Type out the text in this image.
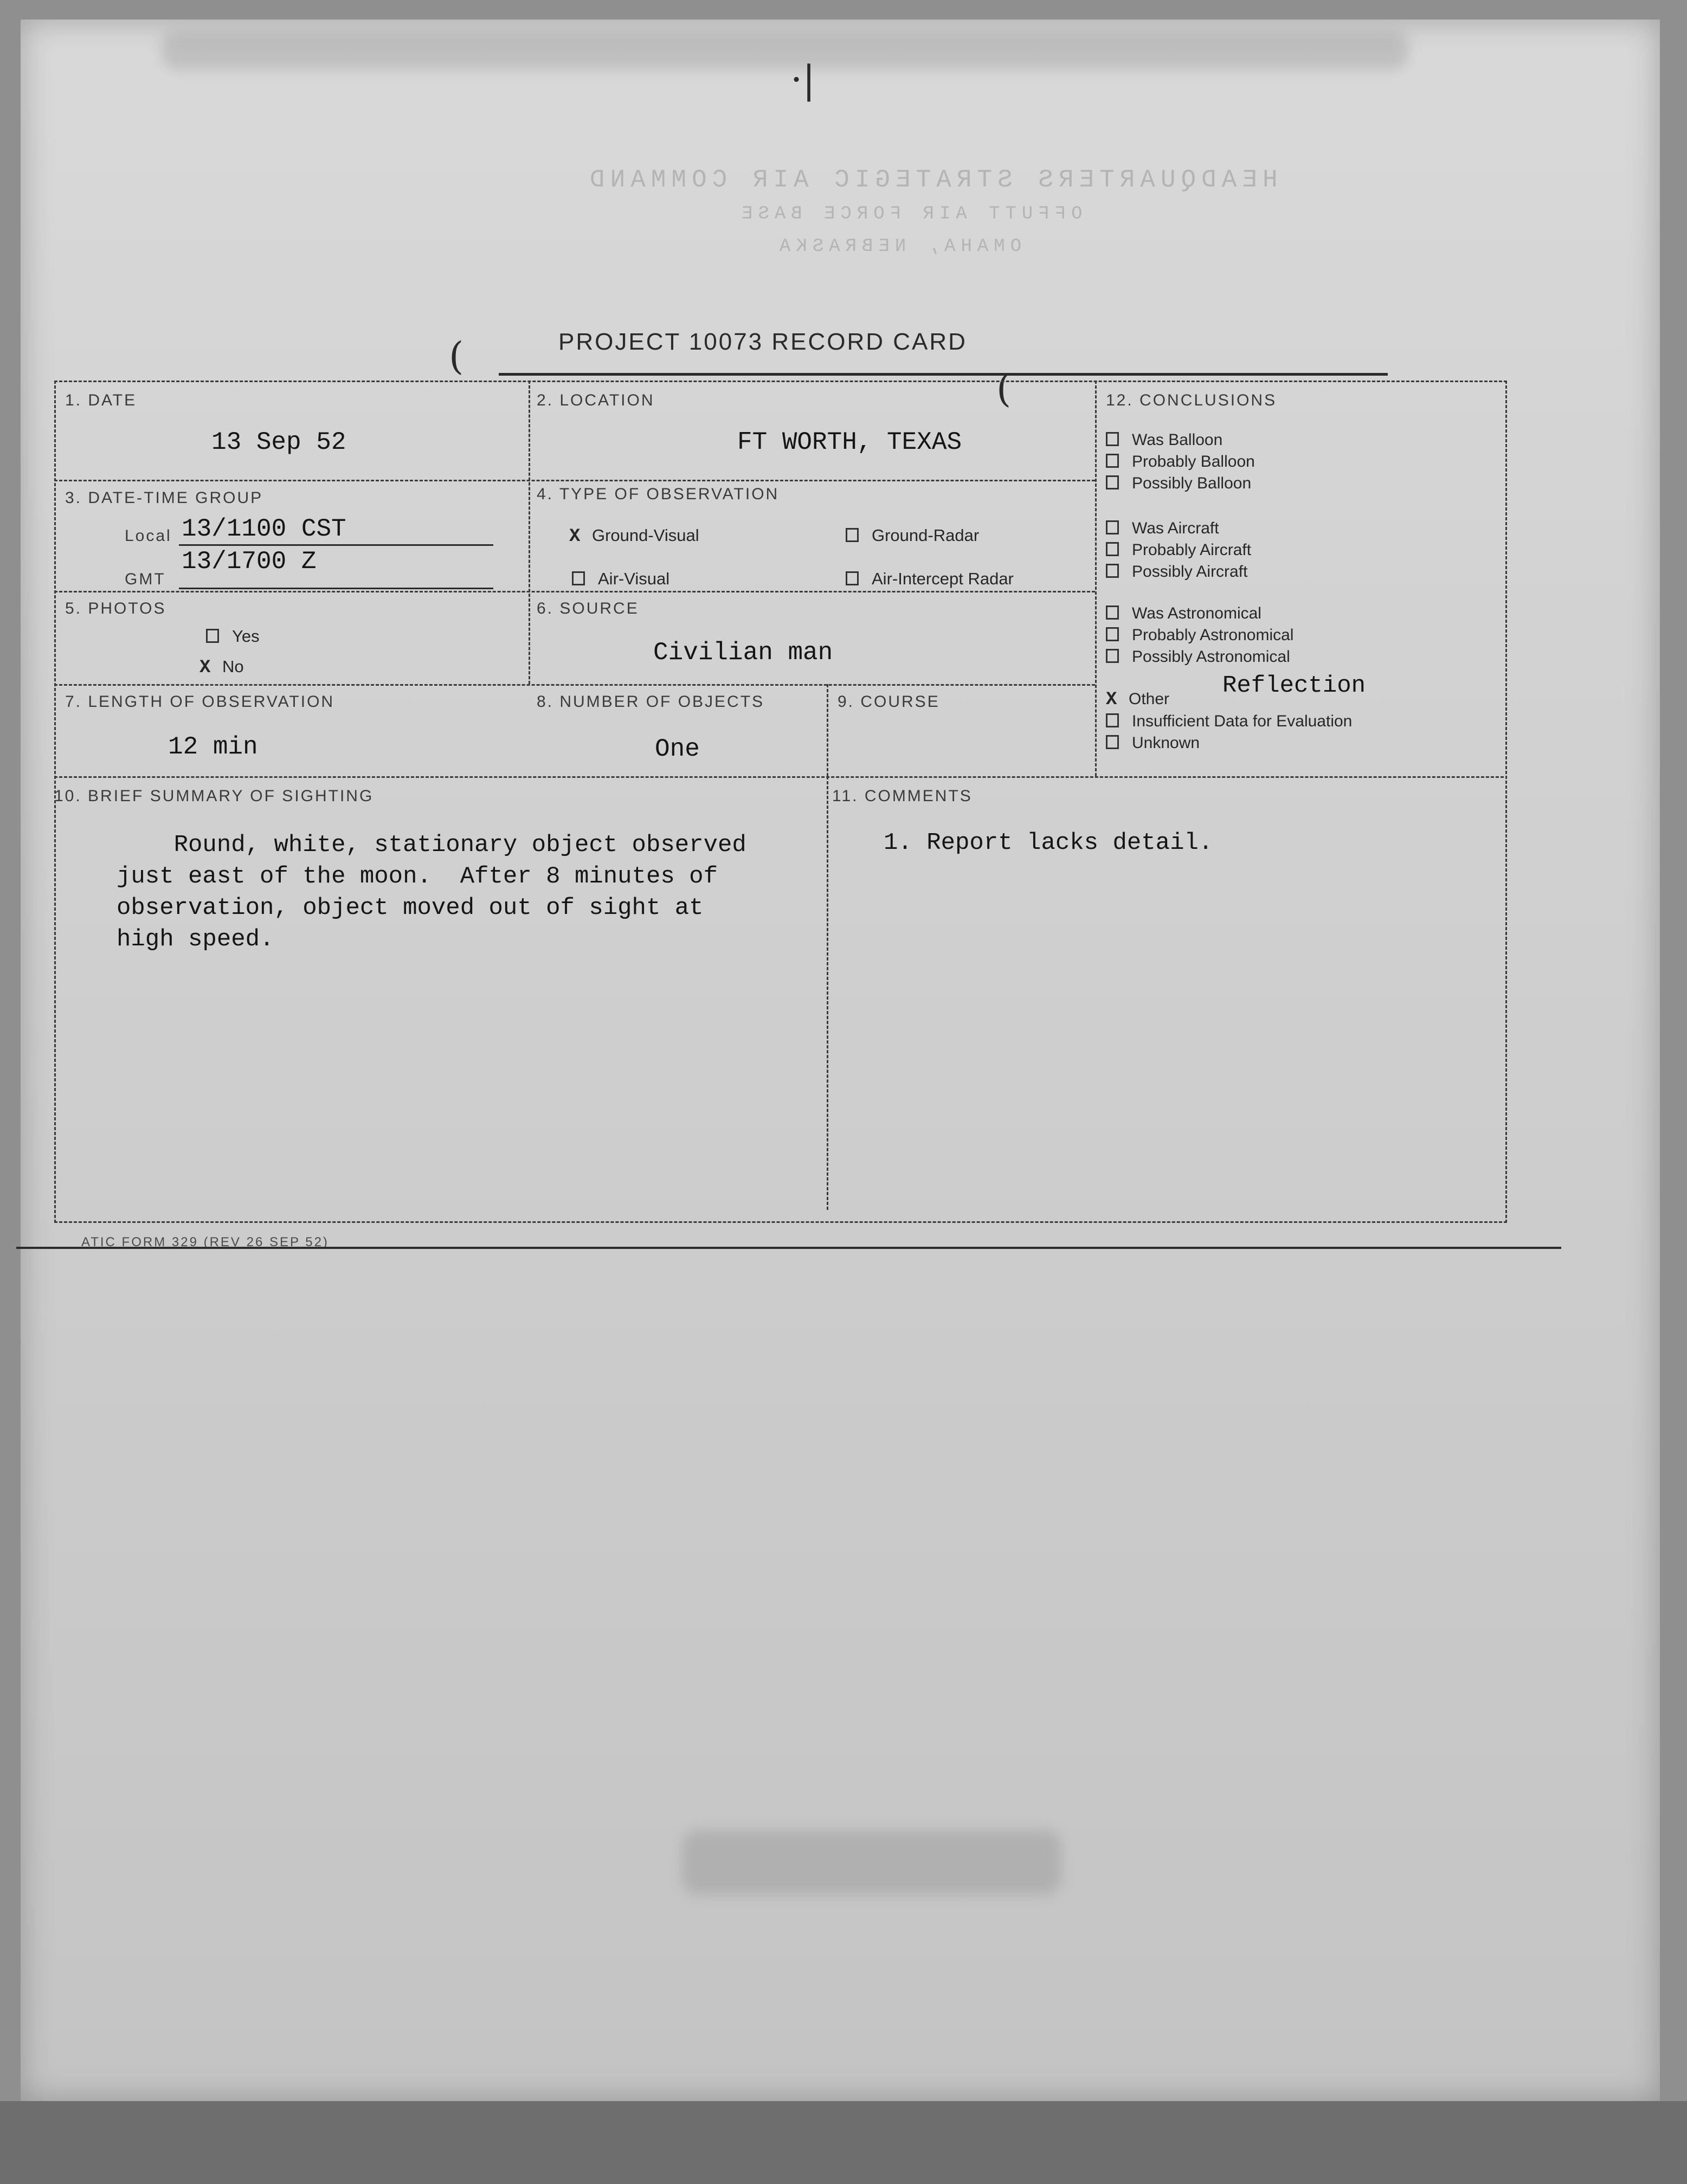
·|
HEADQUARTERS STRATEGIC AIR COMMAND
OFFUTT AIR FORCE BASE
OMAHA, NEBRASKA
(
(
PROJECT 10073 RECORD CARD
1. DATE
13 Sep 52
2. LOCATION
FT WORTH, TEXAS
3. DATE-TIME GROUP
Local 13/1100 CST
GMT
13/1700 Z
4. TYPE OF OBSERVATION
X Ground-Visual	Ground-Radar
Air-Visual	Air-Intercept Radar
5. PHOTOS
Yes
X No
6. SOURCE
Civilian man
7. LENGTH OF OBSERVATION
12 min
8. NUMBER OF OBJECTS
One
9. COURSE
10. BRIEF SUMMARY OF SIGHTING
Round, white, stationary object observed
just east of the moon.  After 8 minutes of
observation, object moved out of sight at
high speed.
11. COMMENTS
1. Report lacks detail.
12. CONCLUSIONS
Was Balloon
Probably Balloon
Possibly Balloon
Was Aircraft
Probably Aircraft
Possibly Aircraft
Was Astronomical
Probably Astronomical
Possibly Astronomical
X Other
Insufficient Data for Evaluation
Unknown
Reflection
ATIC FORM 329 (REV 26 SEP 52)
